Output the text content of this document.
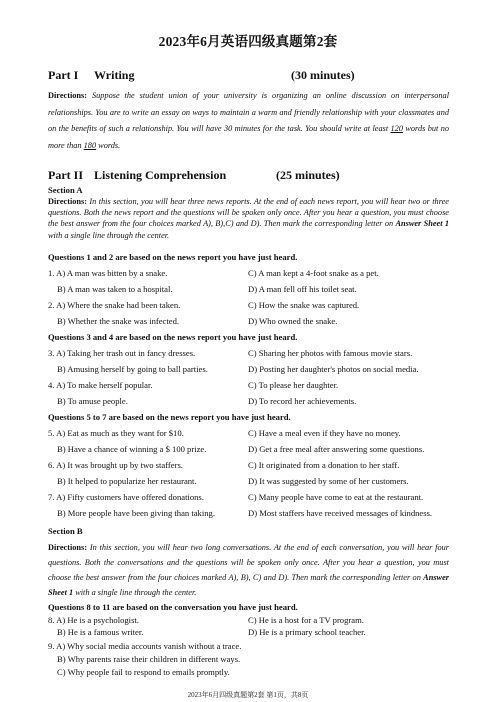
2023年6月英语四级真题第2套
Part I Writing	(30 minutes)
Directions: Suppose the student union of your university is organizing an online discussion on interpersonal relationships. You are to write an essay on ways to maintain a warm and friendly relationship with your classmates and on the benefits of such a relationship. You will have 30 minutes for the task. You should write at least 120 words but no more than 180 words.
Part II Listening Comprehension	(25 minutes)
Section A
Directions: In this section, you will hear three news reports. At the end of each news report, you will hear two or three questions. Both the news report and the questions will be spoken only once. After you hear a question, you must choose the best answer from the four choices marked A), B),C) and D). Then mark the corresponding letter on Answer Sheet 1 with a single line through the center.
Questions 1 and 2 are based on the news report you have just heard.
1. A) A man was bitten by a snake.	C) A man kept a 4-foot snake as a pet.
B) A man was taken to a hospital.	D) A man fell off his toilet seat.
2. A) Where the snake had been taken.	C) How the snake was captured.
B) Whether the snake was infected.	D) Who owned the snake.
Questions 3 and 4 are based on the news report you have just heard.
3. A) Taking her trash out in fancy dresses.	C) Sharing her photos with famous movie stars.
B) Amusing herself by going to ball parties.	D) Posting her daughter's photos on social media.
4. A) To make herself popular.	C) To please her daughter.
B) To amuse people.	D) To record her achievements.
Questions 5 to 7 are based on the news report you have just heard.
5. A) Eat as much as they want for $10.	C) Have a meal even if they have no money.
B) Have a chance of winning a $ 100 prize.	D) Get a free meal after answering some questions.
6. A) It was brought up by two staffers.	C) It originated from a donation to her staff.
B) It helped to popularize her restaurant.	D) It was suggested by some of her customers.
7. A) Fifty customers have offered donations.	C) Many people have come to eat at the restaurant.
B) More people have been giving than taking.	D) Most staffers have received messages of kindness.
Section B
Directions: In this section, you will hear two long conversations. At the end of each conversation, you will hear four questions. Both the conversations and the questions will be spoken only once. After you hear a question, you must choose the best answer from the four choices marked A), B), C) and D). Then mark the corresponding letter on Answer Sheet 1 with a single line through the center.
Questions 8 to 11 are based on the conversation you have just heard.
8. A) He is a psychologist.	C) He is a host for a TV program.
B) He is a famous writer.	D) He is a primary school teacher.
9. A) Why social media accounts vanish without a trace.
B) Why parents raise their children in different ways.
C) Why people fail to respond to emails promptly.
2023年6月四级真题第2套 第1页，共8页
